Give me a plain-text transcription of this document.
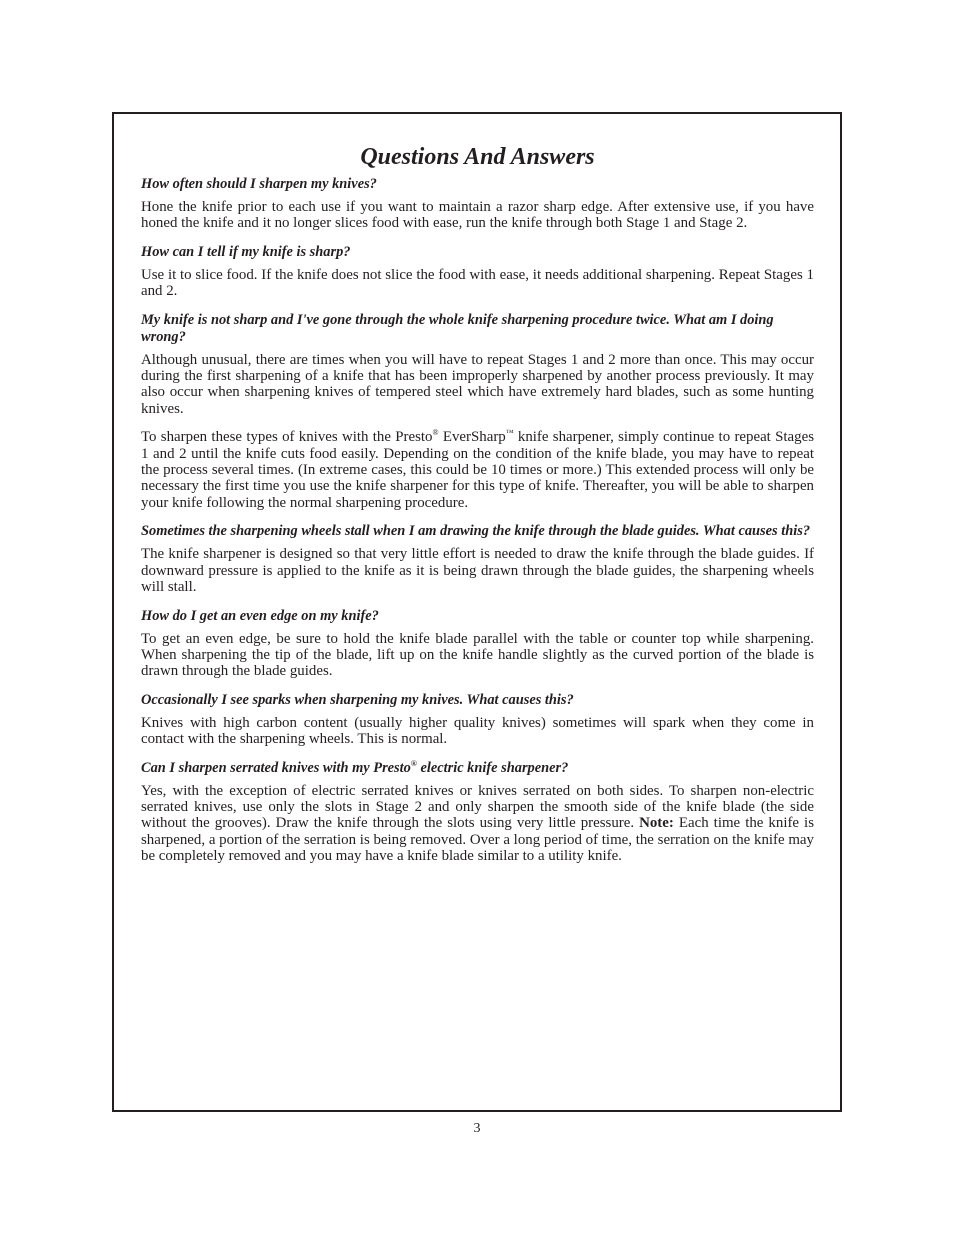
Questions And Answers

How often should I sharpen my knives?

Hone the knife prior to each use if you want to maintain a razor sharp edge. After extensive use, if you have honed the knife and it no longer slices food with ease, run the knife through both Stage 1 and Stage 2.

How can I tell if my knife is sharp?

Use it to slice food. If the knife does not slice the food with ease, it needs additional sharpening. Repeat Stages 1 and 2.

My knife is not sharp and I've gone through the whole knife sharpening procedure twice. What am I doing wrong?

Although unusual, there are times when you will have to repeat Stages 1 and 2 more than once. This may occur during the first sharpening of a knife that has been improperly sharpened by another process previously. It may also occur when sharpening knives of tempered steel which have extremely hard blades, such as some hunting knives.

To sharpen these types of knives with the Presto® EverSharp™ knife sharpener, simply continue to repeat Stages 1 and 2 until the knife cuts food easily. Depending on the condition of the knife blade, you may have to repeat the process several times. (In extreme cases, this could be 10 times or more.) This extended process will only be necessary the first time you use the knife sharpener for this type of knife. Thereafter, you will be able to sharpen your knife following the normal sharpening procedure.

Sometimes the sharpening wheels stall when I am drawing the knife through the blade guides. What causes this?

The knife sharpener is designed so that very little effort is needed to draw the knife through the blade guides. If downward pressure is applied to the knife as it is being drawn through the blade guides, the sharpening wheels will stall.

How do I get an even edge on my knife?

To get an even edge, be sure to hold the knife blade parallel with the table or counter top while sharpening. When sharpening the tip of the blade, lift up on the knife handle slightly as the curved portion of the blade is drawn through the blade guides.

Occasionally I see sparks when sharpening my knives. What causes this?

Knives with high carbon content (usually higher quality knives) sometimes will spark when they come in contact with the sharpening wheels. This is normal.

Can I sharpen serrated knives with my Presto® electric knife sharpener?

Yes, with the exception of electric serrated knives or knives serrated on both sides. To sharpen non-electric serrated knives, use only the slots in Stage 2 and only sharpen the smooth side of the knife blade (the side without the grooves). Draw the knife through the slots using very little pressure. Note: Each time the knife is sharpened, a portion of the serration is being removed. Over a long period of time, the serration on the knife may be completely removed and you may have a knife blade similar to a utility knife.

3
